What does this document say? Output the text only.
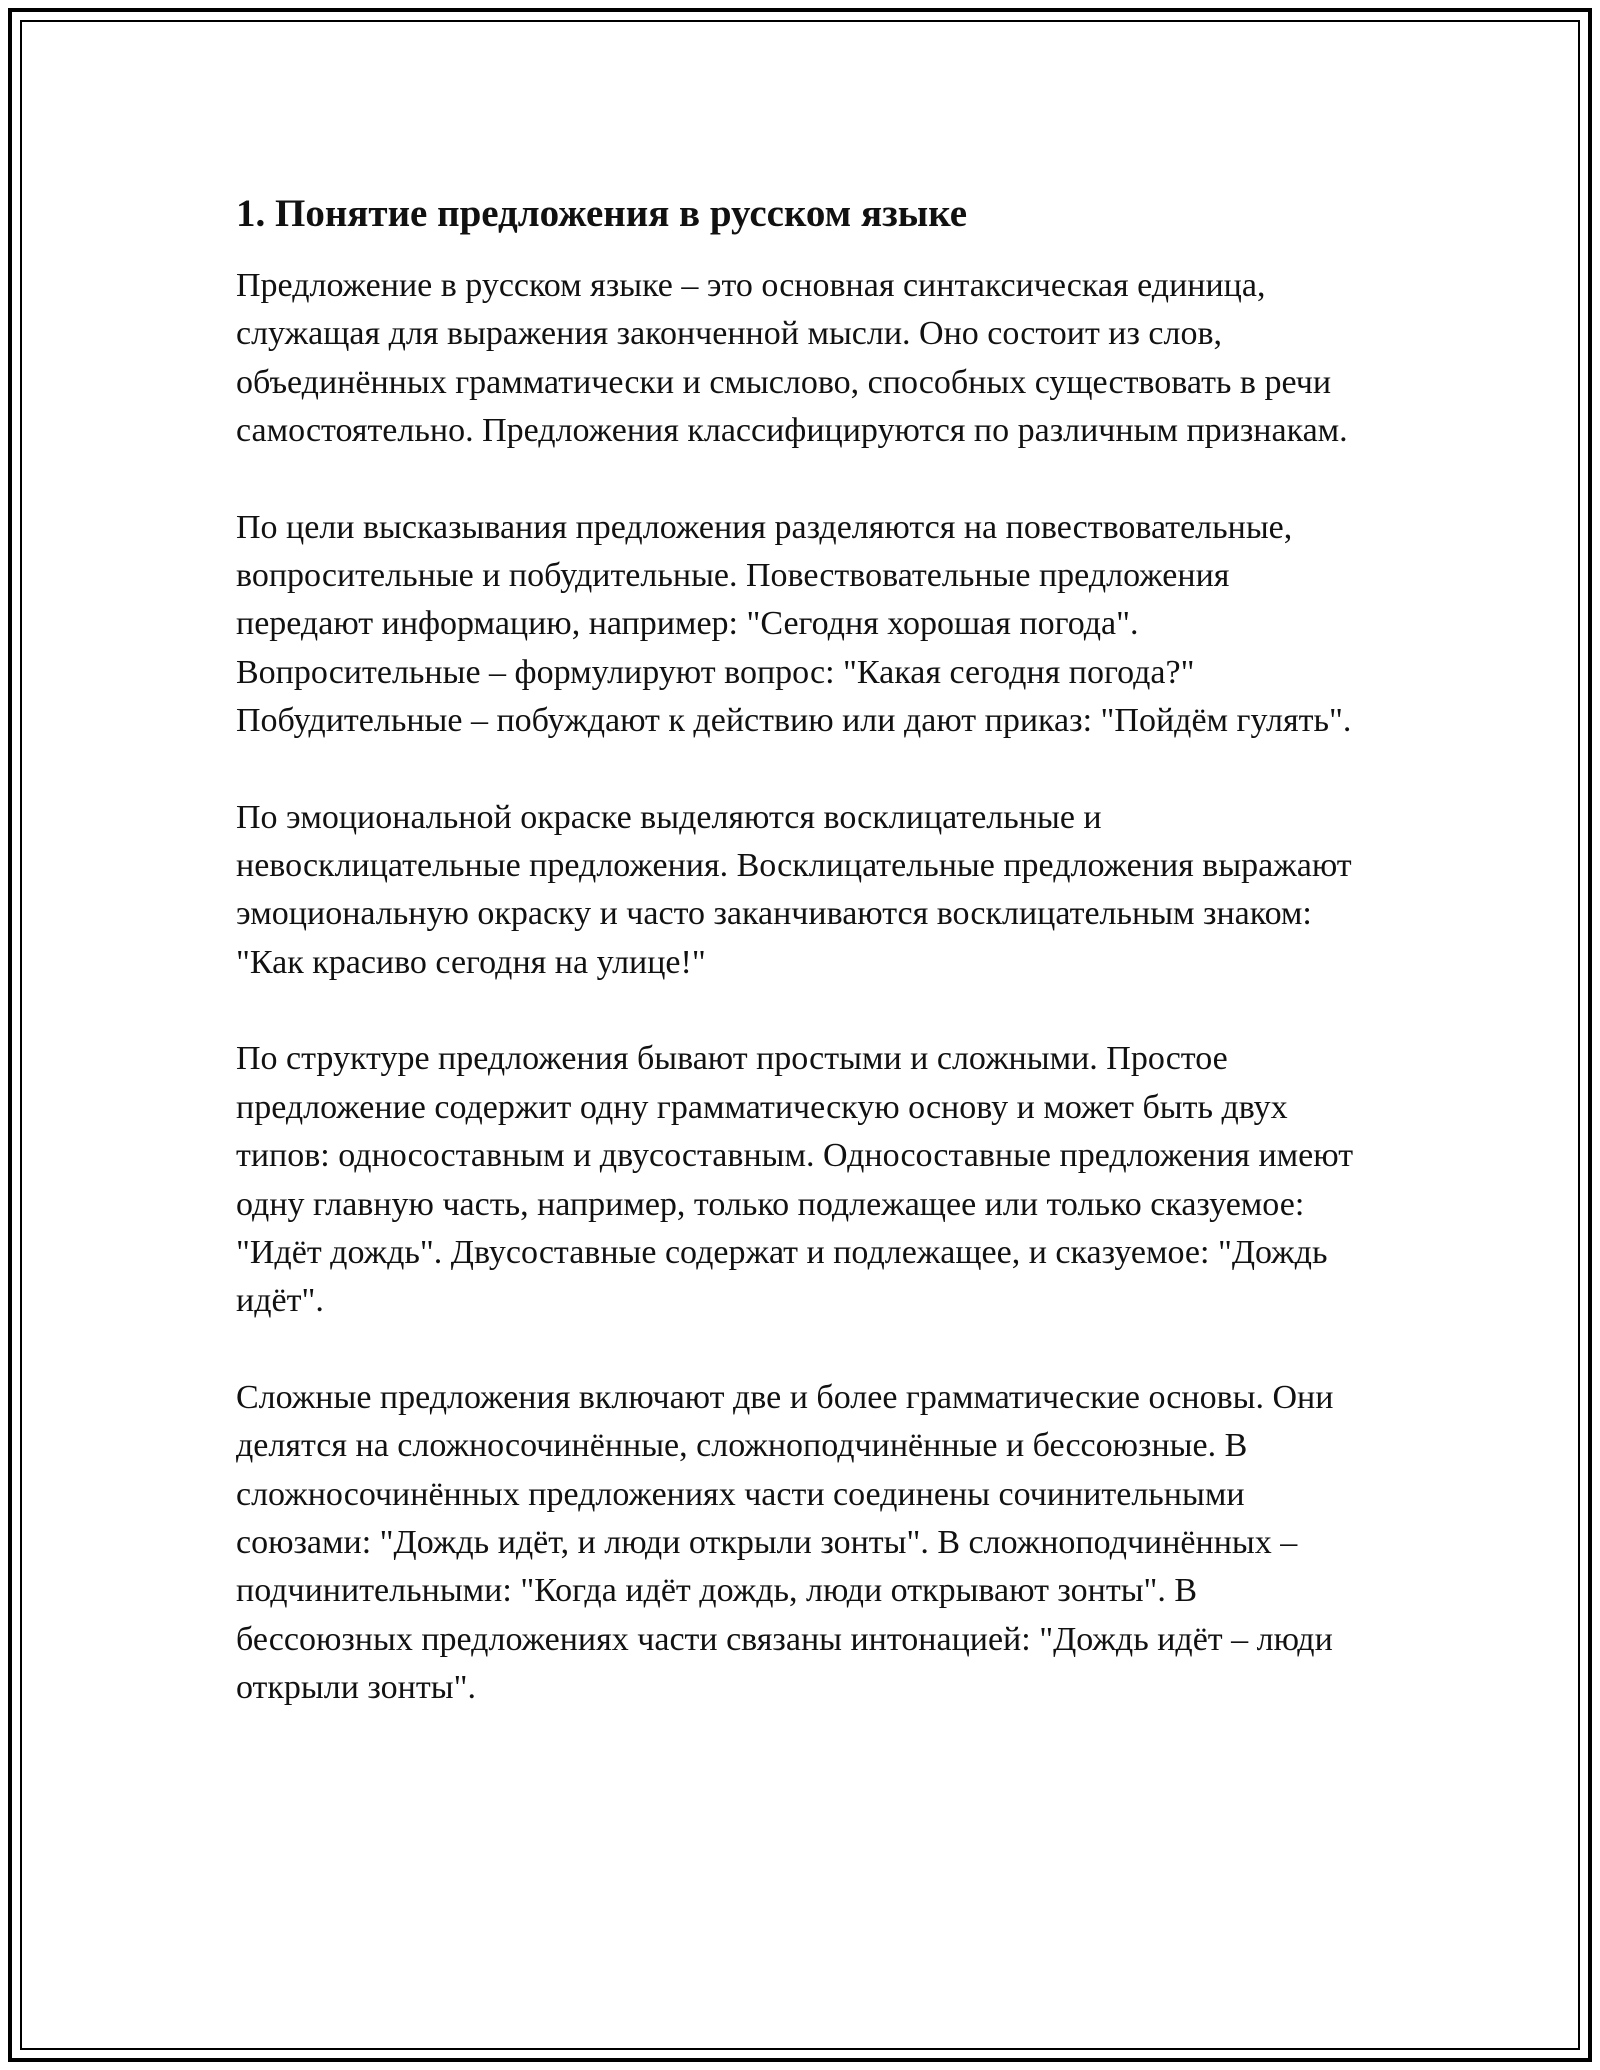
1. Понятие предложения в русском языке

Предложение в русском языке – это основная синтаксическая единица, служащая для выражения законченной мысли. Оно состоит из слов, объединённых грамматически и смыслово, способных существовать в речи самостоятельно. Предложения классифицируются по различным признакам.

По цели высказывания предложения разделяются на повествовательные, вопросительные и побудительные. Повествовательные предложения передают информацию, например: "Сегодня хорошая погода". Вопросительные – формулируют вопрос: "Какая сегодня погода?" Побудительные – побуждают к действию или дают приказ: "Пойдём гулять".

По эмоциональной окраске выделяются восклицательные и невосклицательные предложения. Восклицательные предложения выражают эмоциональную окраску и часто заканчиваются восклицательным знаком: "Как красиво сегодня на улице!"

По структуре предложения бывают простыми и сложными. Простое предложение содержит одну грамматическую основу и может быть двух типов: односоставным и двусоставным. Односоставные предложения имеют одну главную часть, например, только подлежащее или только сказуемое: "Идёт дождь". Двусоставные содержат и подлежащее, и сказуемое: "Дождь идёт".

Сложные предложения включают две и более грамматические основы. Они делятся на сложносочинённые, сложноподчинённые и бессоюзные. В сложносочинённых предложениях части соединены сочинительными союзами: "Дождь идёт, и люди открыли зонты". В сложноподчинённых – подчинительными: "Когда идёт дождь, люди открывают зонты". В бессоюзных предложениях части связаны интонацией: "Дождь идёт – люди открыли зонты".
